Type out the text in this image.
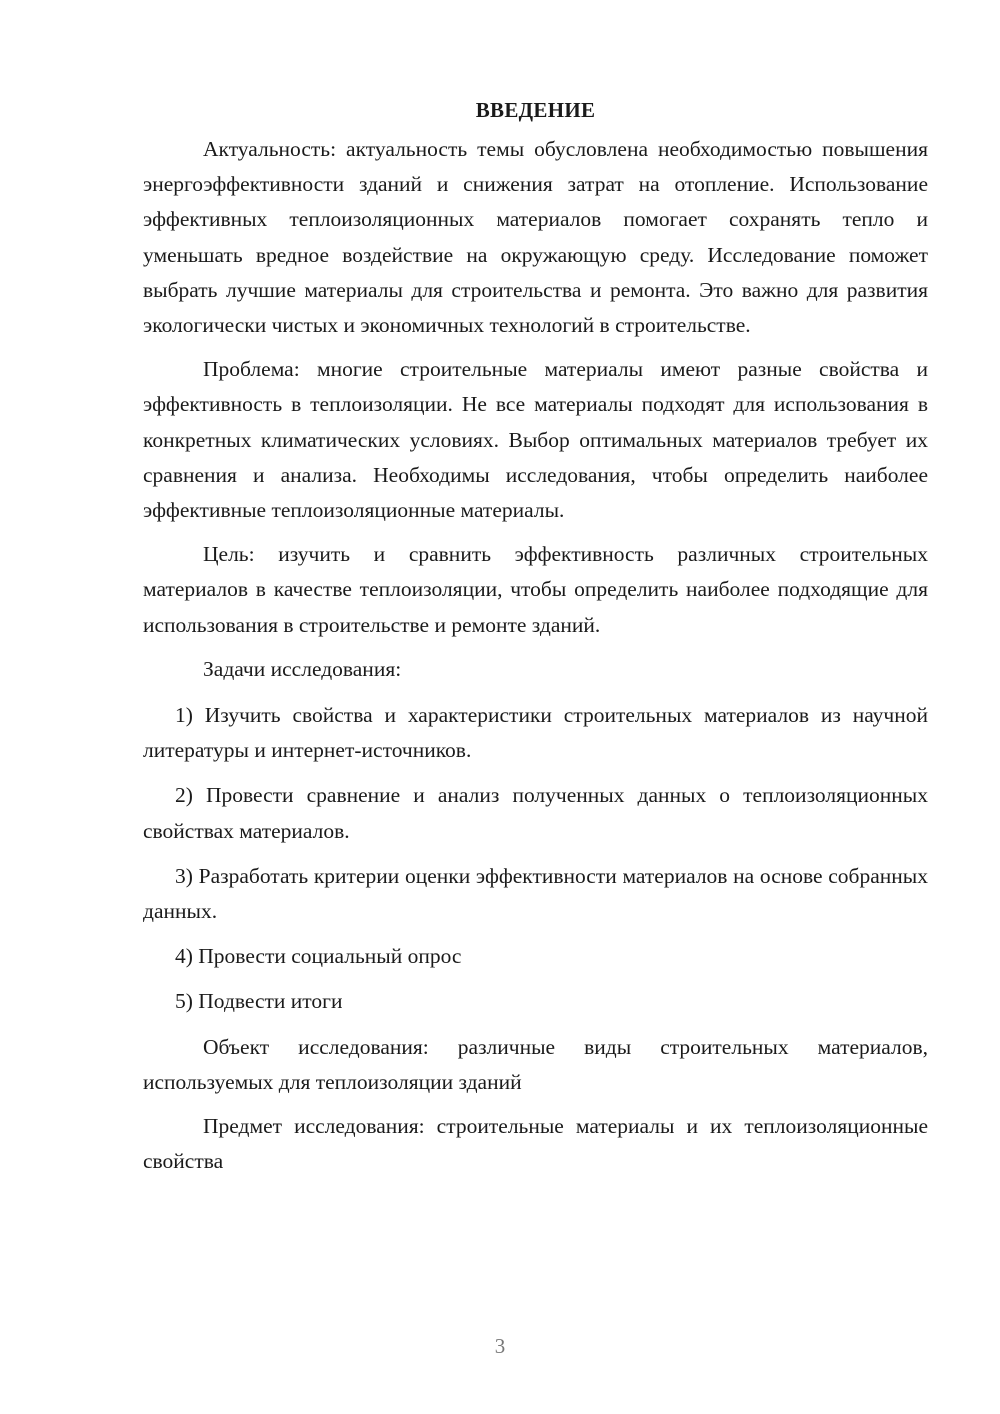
ВВЕДЕНИЕ

Актуальность: актуальность темы обусловлена необходимостью повышения энергоэффективности зданий и снижения затрат на отопление. Использование эффективных теплоизоляционных материалов помогает сохранять тепло и уменьшать вредное воздействие на окружающую среду. Исследование поможет выбрать лучшие материалы для строительства и ремонта. Это важно для развития экологически чистых и экономичных технологий в строительстве.

Проблема: многие строительные материалы имеют разные свойства и эффективность в теплоизоляции. Не все материалы подходят для использования в конкретных климатических условиях. Выбор оптимальных материалов требует их сравнения и анализа. Необходимы исследования, чтобы определить наиболее эффективные теплоизоляционные материалы.

Цель: изучить и сравнить эффективность различных строительных материалов в качестве теплоизоляции, чтобы определить наиболее подходящие для использования в строительстве и ремонте зданий.

Задачи исследования:

1) Изучить свойства и характеристики строительных материалов из научной литературы и интернет-источников.

2) Провести сравнение и анализ полученных данных о теплоизоляционных свойствах материалов.

3) Разработать критерии оценки эффективности материалов на основе собранных данных.

4) Провести социальный опрос

5) Подвести итоги

Объект исследования: различные виды строительных материалов, используемых для теплоизоляции зданий

Предмет исследования: строительные материалы и их теплоизоляционные свойства

3
